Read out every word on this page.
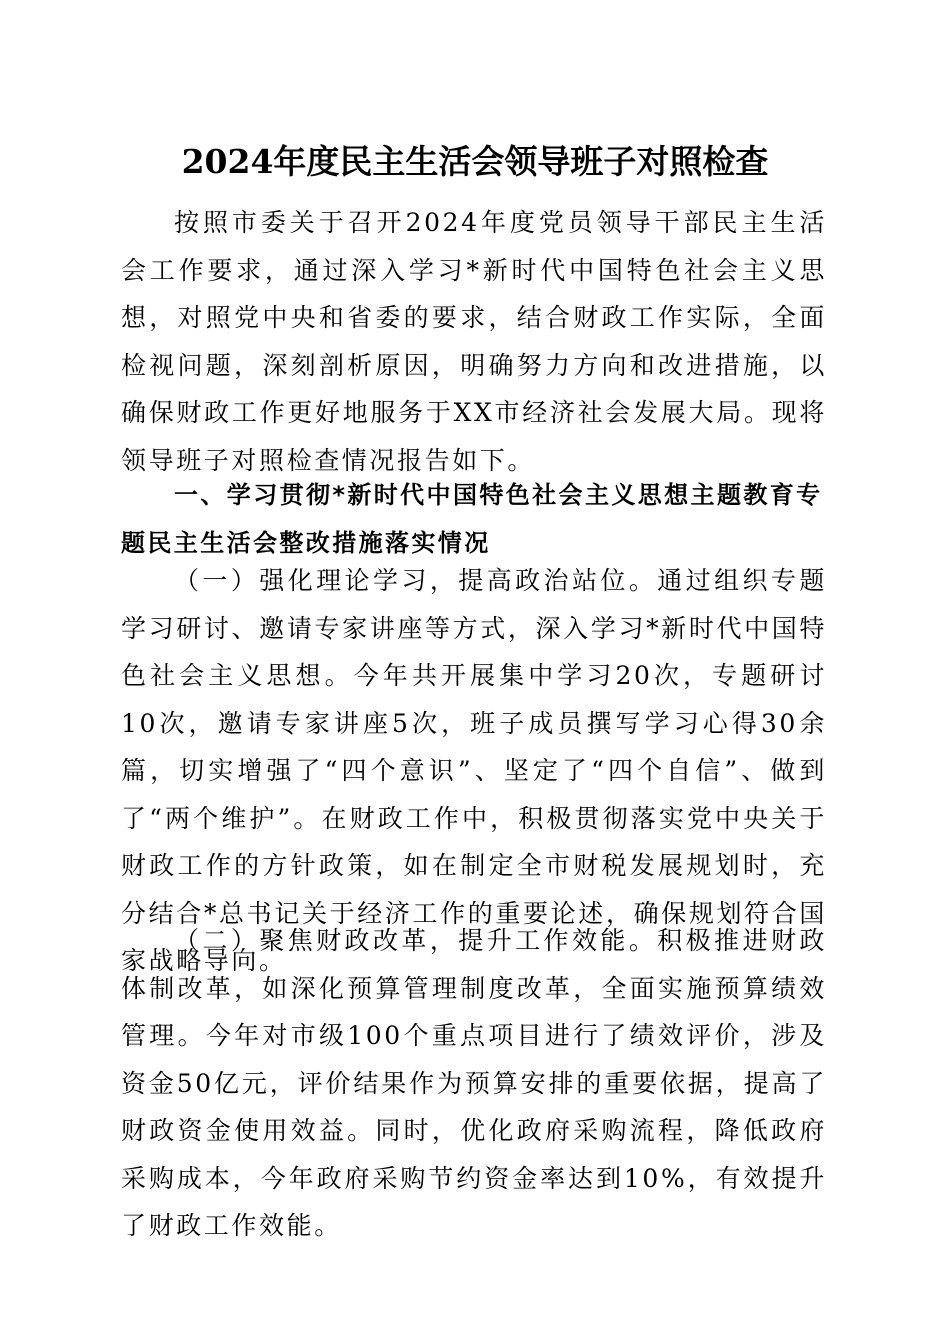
2024年度民主生活会领导班子对照检查

按照市委关于召开2024年度党员领导干部民主生活会工作要求，通过深入学习*新时代中国特色社会主义思想，对照党中央和省委的要求，结合财政工作实际，全面检视问题，深刻剖析原因，明确努力方向和改进措施，以确保财政工作更好地服务于XX市经济社会发展大局。现将领导班子对照检查情况报告如下。

一、学习贯彻*新时代中国特色社会主义思想主题教育专题民主生活会整改措施落实情况

（一）强化理论学习，提高政治站位。通过组织专题学习研讨、邀请专家讲座等方式，深入学习*新时代中国特色社会主义思想。今年共开展集中学习20次，专题研讨10次，邀请专家讲座5次，班子成员撰写学习心得30余篇，切实增强了“四个意识”、坚定了“四个自信”、做到了“两个维护”。在财政工作中，积极贯彻落实党中央关于财政工作的方针政策，如在制定全市财税发展规划时，充分结合*总书记关于经济工作的重要论述，确保规划符合国家战略导向。

（二）聚焦财政改革，提升工作效能。积极推进财政体制改革，如深化预算管理制度改革，全面实施预算绩效管理。今年对市级100个重点项目进行了绩效评价，涉及资金50亿元，评价结果作为预算安排的重要依据，提高了财政资金使用效益。同时，优化政府采购流程，降低政府采购成本，今年政府采购节约资金率达到10%，有效提升了财政工作效能。
